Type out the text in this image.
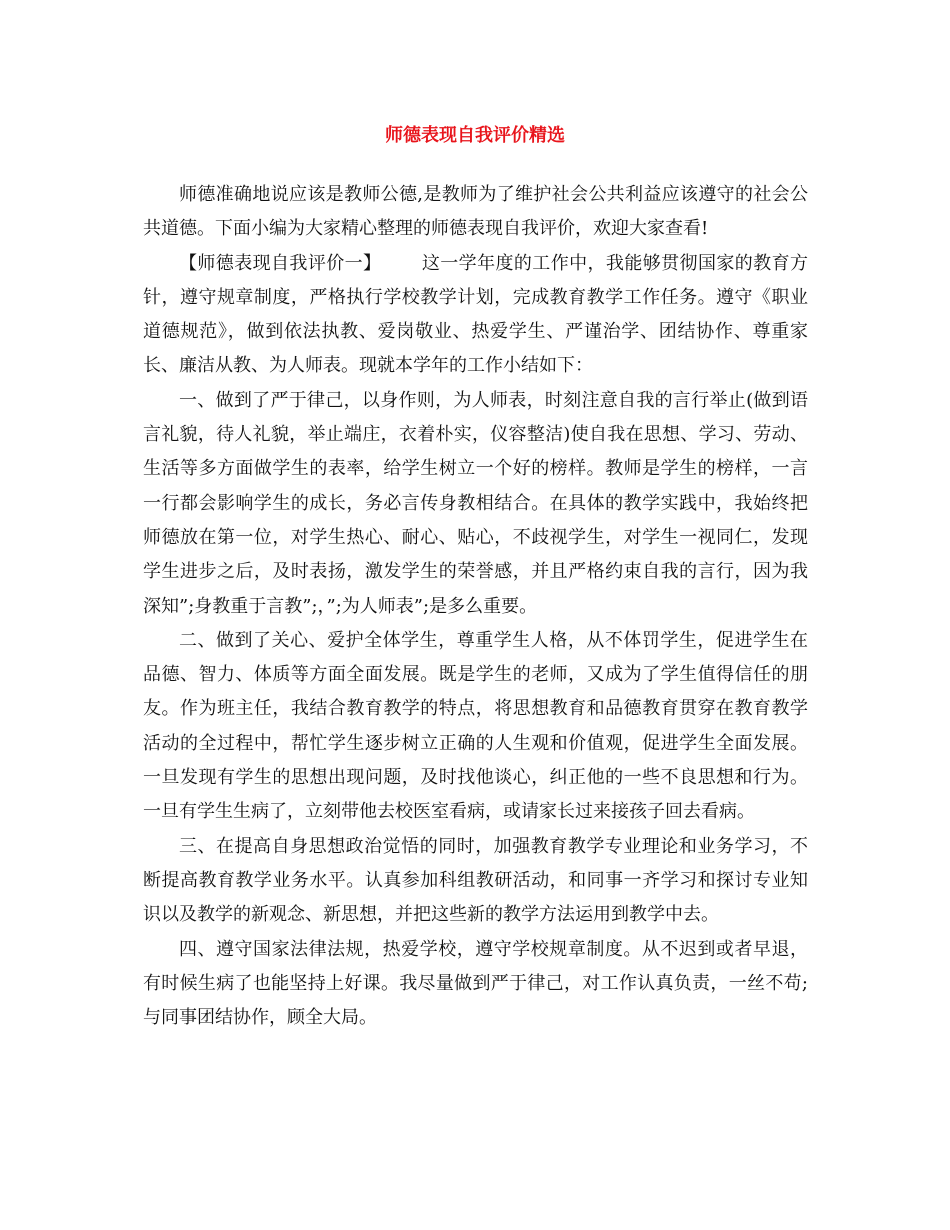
师德表现自我评价精选

师德准确地说应该是教师公德,是教师为了维护社会公共利益应该遵守的社会公共道德。下面小编为大家精心整理的师德表现自我评价，欢迎大家查看!

【师德表现自我评价一】 这一学年度的工作中，我能够贯彻国家的教育方针，遵守规章制度，严格执行学校教学计划，完成教育教学工作任务。遵守《职业道德规范》，做到依法执教、爱岗敬业、热爱学生、严谨治学、团结协作、尊重家长、廉洁从教、为人师表。现就本学年的工作小结如下：

一、做到了严于律己，以身作则，为人师表，时刻注意自我的言行举止(做到语言礼貌，待人礼貌，举止端庄，衣着朴实，仪容整洁)使自我在思想、学习、劳动、生活等多方面做学生的表率，给学生树立一个好的榜样。教师是学生的榜样，一言一行都会影响学生的成长，务必言传身教相结合。在具体的教学实践中，我始终把师德放在第一位，对学生热心、耐心、贴心，不歧视学生，对学生一视同仁，发现学生进步之后，及时表扬，激发学生的荣誉感，并且严格约束自我的言行，因为我深知”;身教重于言教”;，”;为人师表”;是多么重要。

二、做到了关心、爱护全体学生，尊重学生人格，从不体罚学生，促进学生在品德、智力、体质等方面全面发展。既是学生的老师，又成为了学生值得信任的朋友。作为班主任，我结合教育教学的特点，将思想教育和品德教育贯穿在教育教学活动的全过程中，帮忙学生逐步树立正确的人生观和价值观，促进学生全面发展。一旦发现有学生的思想出现问题，及时找他谈心，纠正他的一些不良思想和行为。一旦有学生生病了，立刻带他去校医室看病，或请家长过来接孩子回去看病。

三、在提高自身思想政治觉悟的同时，加强教育教学专业理论和业务学习，不断提高教育教学业务水平。认真参加科组教研活动，和同事一齐学习和探讨专业知识以及教学的新观念、新思想，并把这些新的教学方法运用到教学中去。

四、遵守国家法律法规，热爱学校，遵守学校规章制度。从不迟到或者早退，有时候生病了也能坚持上好课。我尽量做到严于律己，对工作认真负责，一丝不苟;与同事团结协作，顾全大局。
